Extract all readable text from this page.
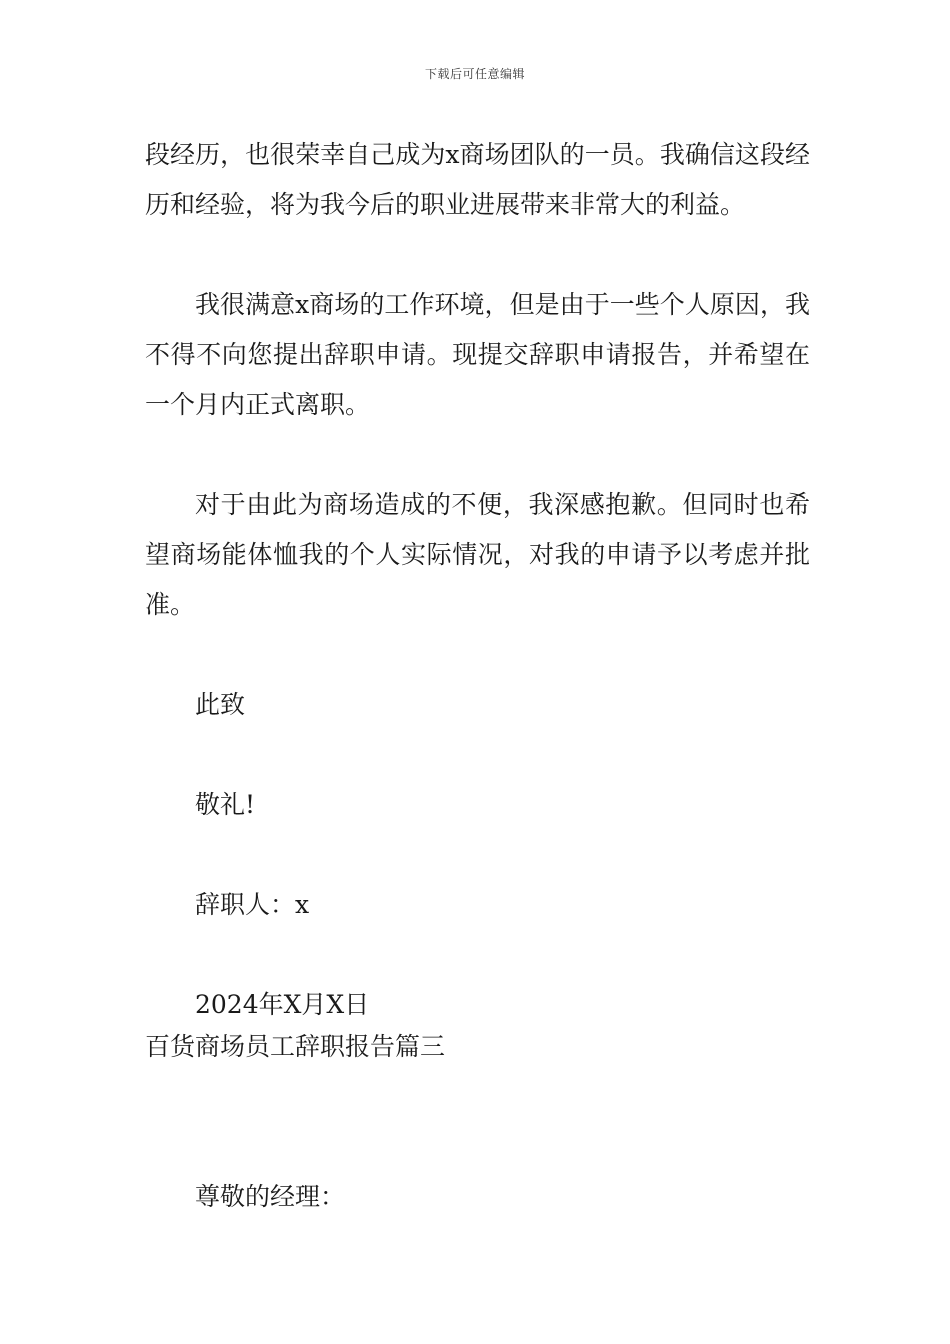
下载后可任意编辑

段经历，也很荣幸自己成为x商场团队的一员。我确信这段经历和经验，将为我今后的职业进展带来非常大的利益。

我很满意x商场的工作环境，但是由于一些个人原因，我不得不向您提出辞职申请。现提交辞职申请报告，并希望在一个月内正式离职。

对于由此为商场造成的不便，我深感抱歉。但同时也希望商场能体恤我的个人实际情况，对我的申请予以考虑并批准。

此致

敬礼!

辞职人：x

2024年X月X日

百货商场员工辞职报告篇三

尊敬的经理：
